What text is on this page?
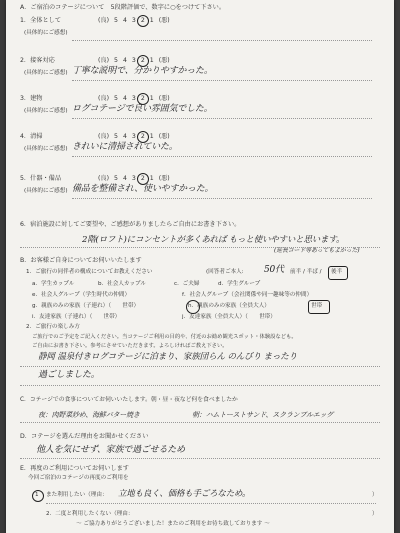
A．ご宿泊のコテージについて　5段階評価で、数字に○をつけて下さい。
1．全体として	(良) 5 4 3 2 1 (悪)
(具体的にご感想)
2．接客対応	(良) 5 4 3 2 1 (悪)
(具体的にご感想) 丁寧な説明で、分かりやすかった。
3．建物	(良) 5 4 3 2 1 (悪)
(具体的にご感想) ログコテージで良い雰囲気でした。
4．清掃	(良) 5 4 3 2 1 (悪)
(具体的にご感想) きれいに清掃されていた。
5．什器・備品	(良) 5 4 3 2 1 (悪)
(具体的にご感想) 備品を整備され、使いやすかった。
6．宿泊施設に対してご要望や、ご感想がありましたらご自由にお書き下さい。
2階(ロフト)にコンセントが多くあれば もっと使いやすいと思います。
(延長コード等あってもよかった)
B．お客様ご自身についてお伺いいたします
1．ご旅行の同伴者の構成についてお教えください	(回答者ご本人: 50代 前半 / 半ば / 後半
a．学生カップル	b．社会人カップル	c．ご夫婦	d．学生グループ
e．社会人グループ（学生時代の仲間）	f．社会人グループ（会社関係や同一趣味等の仲間）
g．親族のみの家族（子連れ）（　　世帯）	h．親族のみの家族（全員大人）	世帯
i．友達家族（子連れ）（　　世帯）	j．友達家族（全員大人）（　　世帯）
2．ご旅行の楽しみ方
ご旅行でのご予定をご記入ください。当コテージご利用の目的や、付近のお勧め観光スポット・体験設なども。
ご自由にお書き下さい。参考にさせていただきます。よろしければご教え下さい。
静岡 温泉付きログコテージに泊まり、家族団らん のんびり まったり
過ごしました。
C．コテージでの食事についてお伺いいたします。朝・昼・夜など何を食べましたか
夜：肉野菜炒め、海鮮バター焼き	朝：ハムトーストサンド、スクランブルエッグ
D．コテージを選んだ理由をお聞かせください
他人を気にせず、家族で過ごせるため
E．再度のご利用についてお伺いします
今回ご宿泊のコテージの再度のご利用を
1 また利用したい（理由： 立地も良く、価格も手ごろなため。	）
2．二度と利用したくない（理由：	）
～ ご協力ありがとうございました！またのご利用をお待ち致しております ～
